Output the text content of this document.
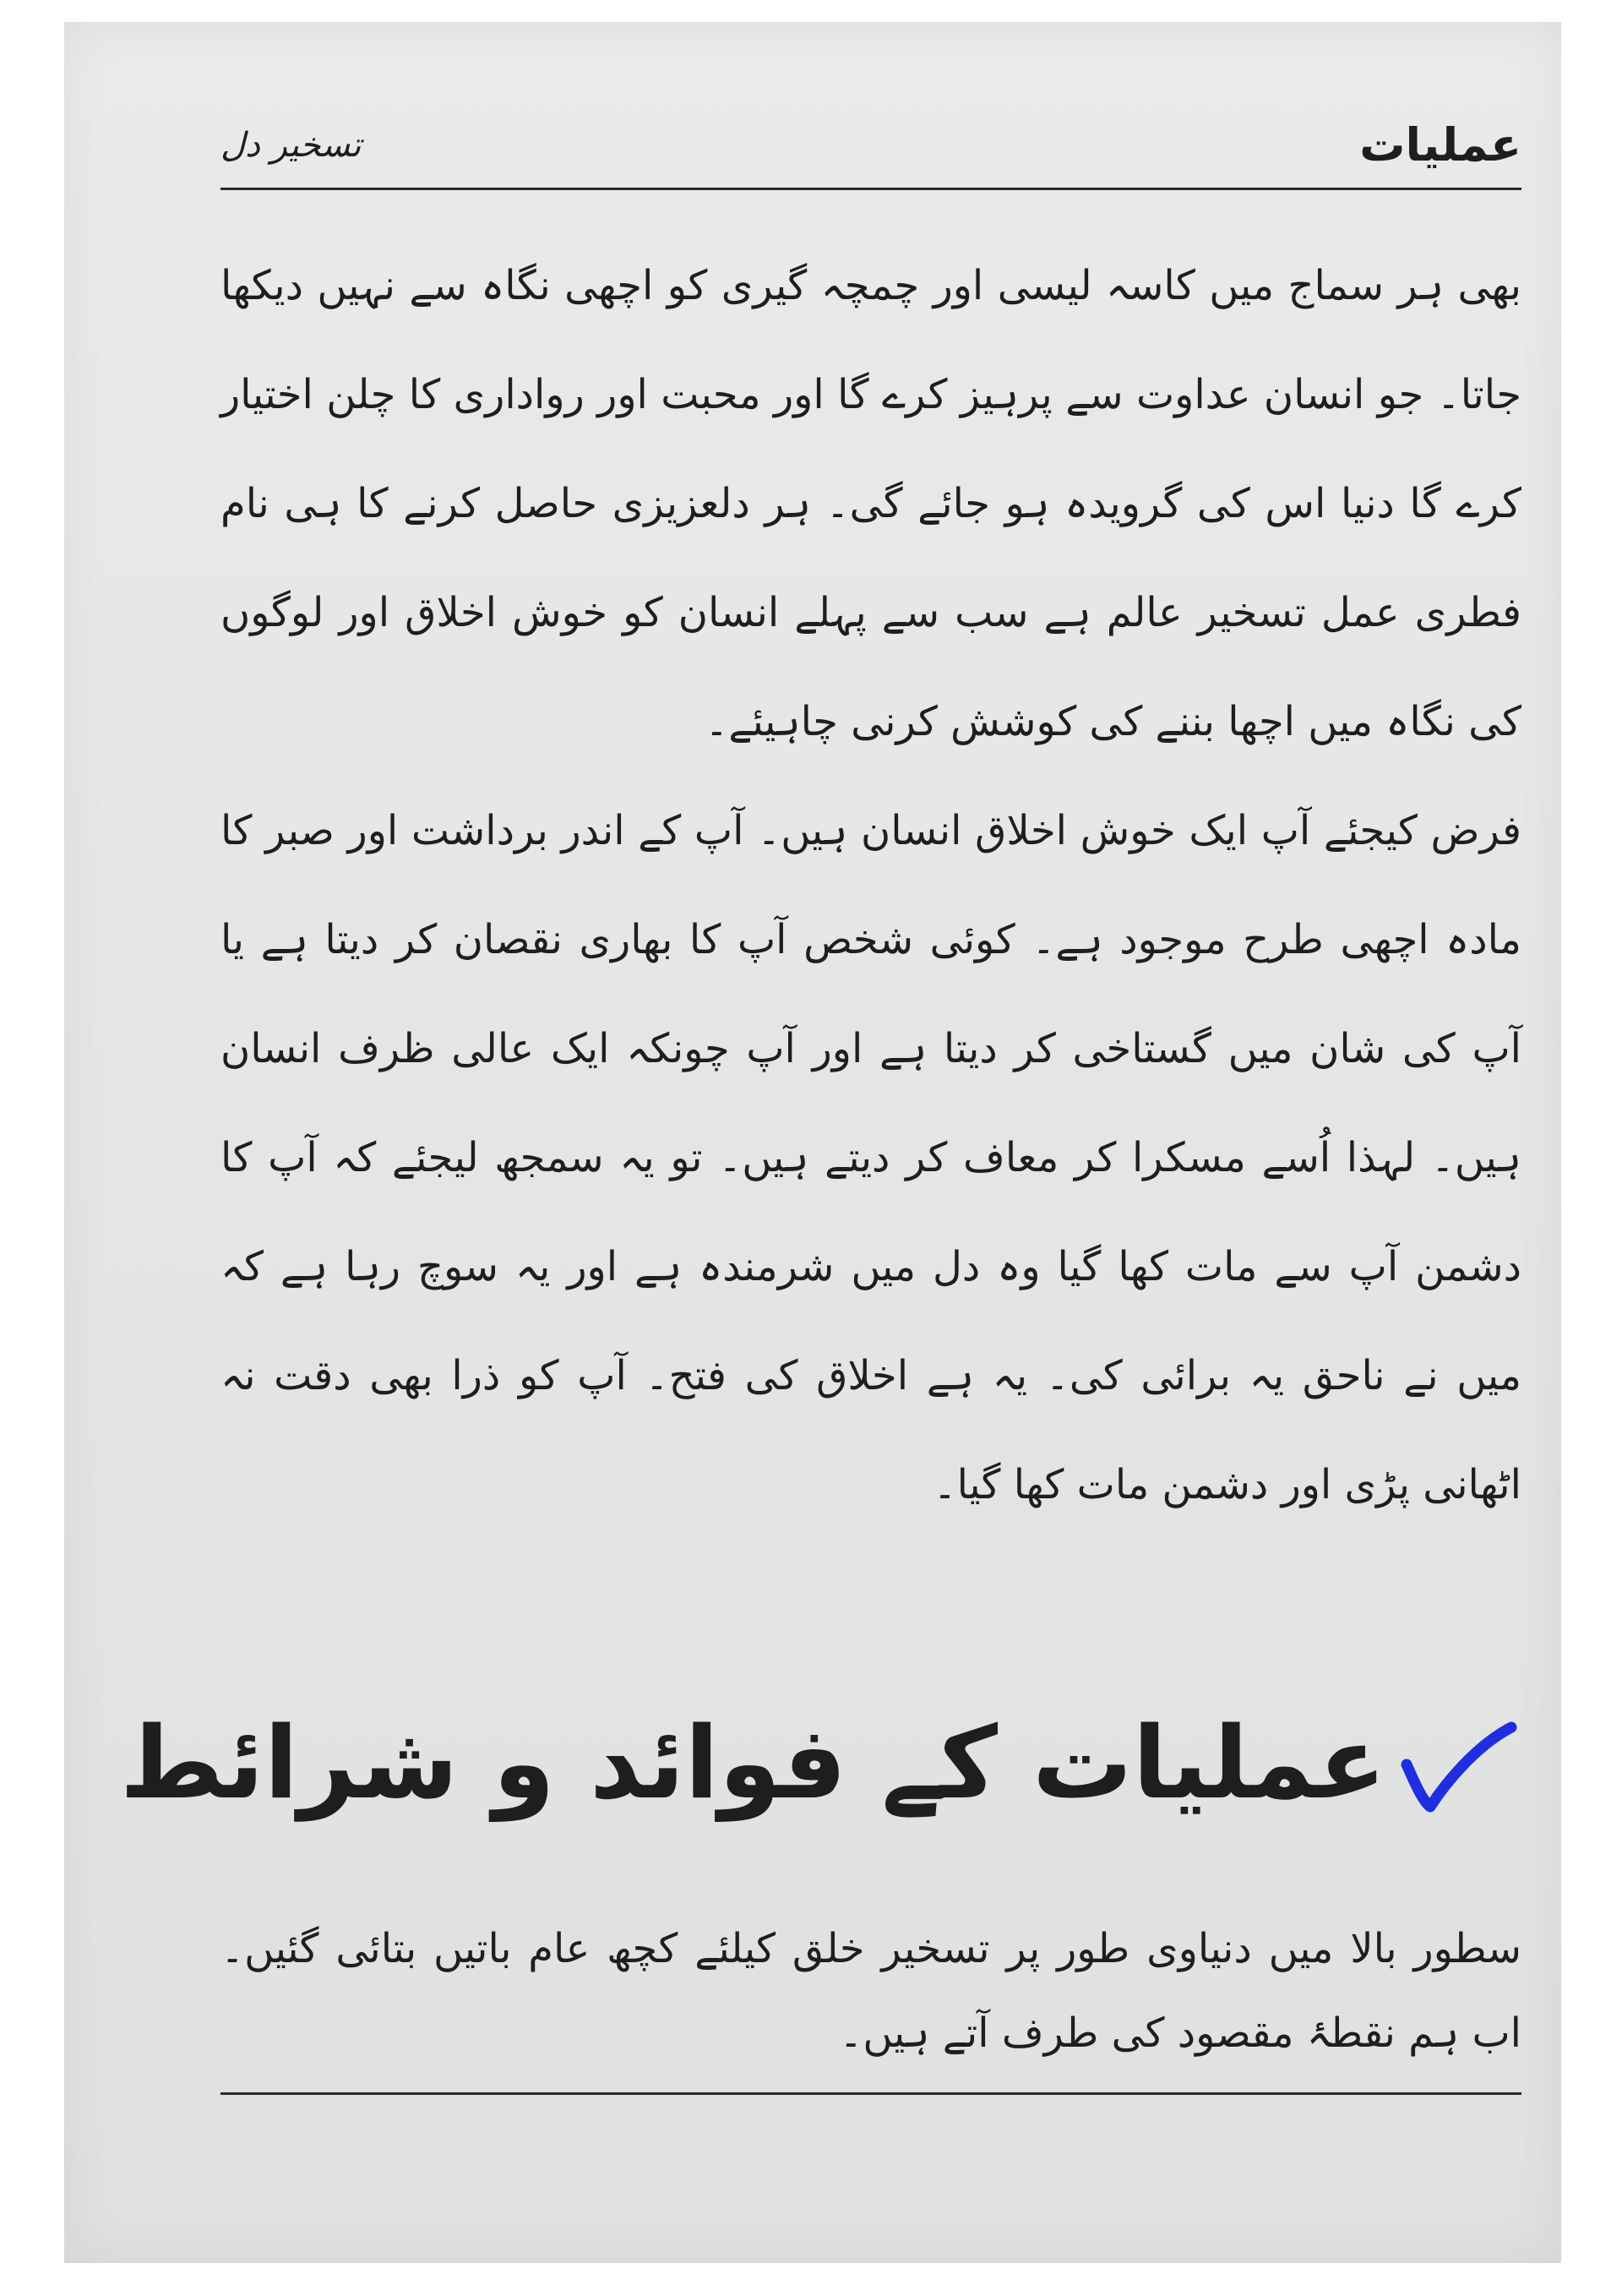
عملیات
تسخیر دل

بھی ہر سماج میں کاسہ لیسی اور چمچہ گیری کو اچھی نگاہ سے نہیں دیکھا جاتا۔ جو انسان عداوت سے پرہیز کرے گا اور محبت اور رواداری کا چلن اختیار کرے گا دنیا اس کی گرویدہ ہو جائے گی۔ ہر دلعزیزی حاصل کرنے کا ہی نام فطری عمل تسخیر عالم ہے سب سے پہلے انسان کو خوش اخلاق اور لوگوں کی نگاہ میں اچھا بننے کی کوشش کرنی چاہیئے۔

فرض کیجئے آپ ایک خوش اخلاق انسان ہیں۔ آپ کے اندر برداشت اور صبر کا مادہ اچھی طرح موجود ہے۔ کوئی شخص آپ کا بھاری نقصان کر دیتا ہے یا آپ کی شان میں گستاخی کر دیتا ہے اور آپ چونکہ ایک عالی ظرف انسان ہیں۔ لہذا اُسے مسکرا کر معاف کر دیتے ہیں۔ تو یہ سمجھ لیجئے کہ آپ کا دشمن آپ سے مات کھا گیا وہ دل میں شرمندہ ہے اور یہ سوچ رہا ہے کہ میں نے ناحق یہ برائی کی۔ یہ ہے اخلاق کی فتح۔ آپ کو ذرا بھی دقت نہ اٹھانی پڑی اور دشمن مات کھا گیا۔

عملیات کے فوائد و شرائط

سطور بالا میں دنیاوی طور پر تسخیر خلق کیلئے کچھ عام باتیں بتائی گئیں۔ اب ہم نقطۂ مقصود کی طرف آتے ہیں۔
